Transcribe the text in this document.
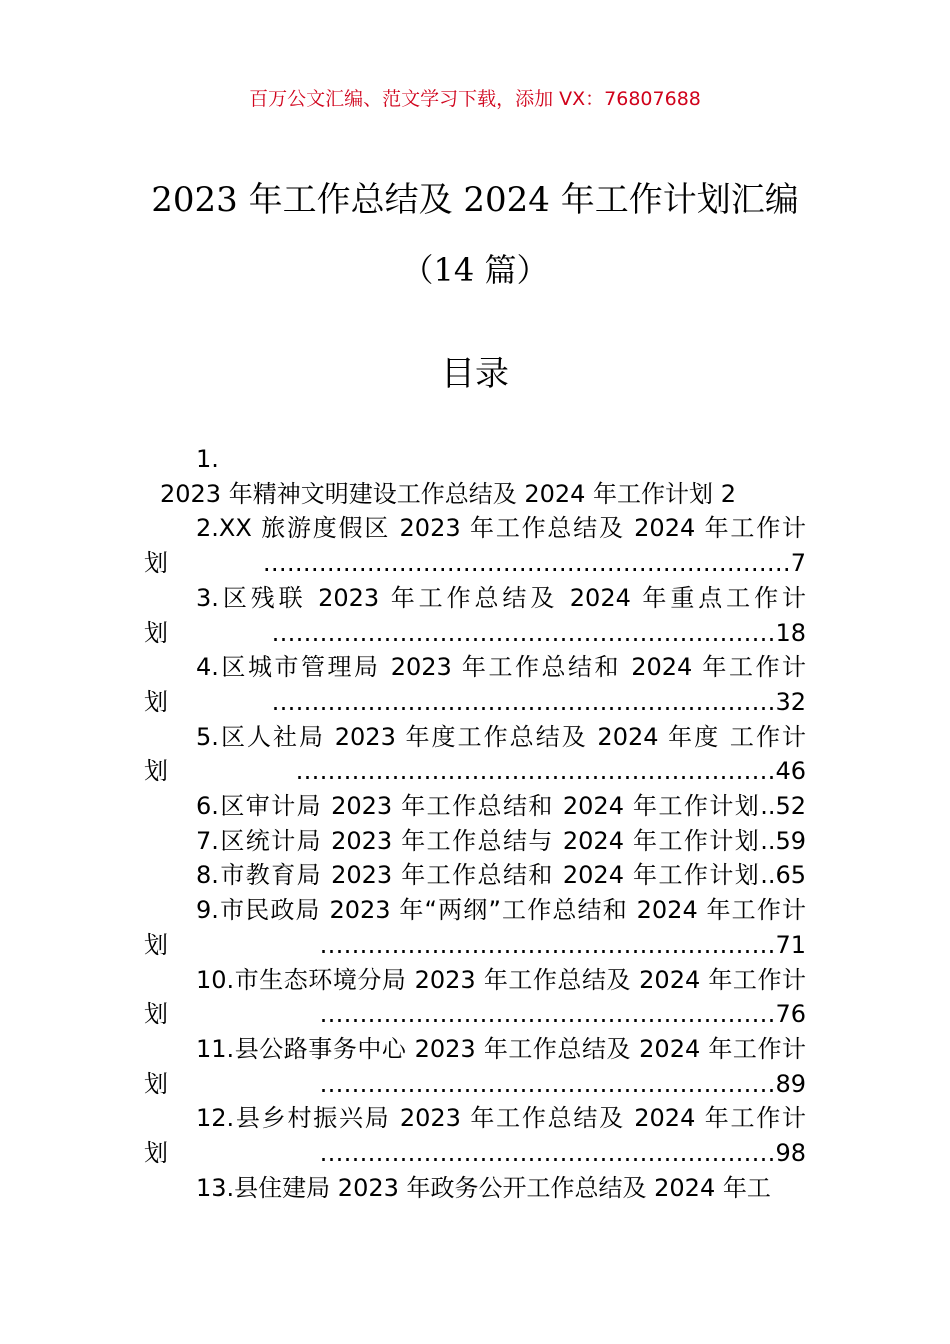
百万公文汇编、范文学习下载，添加 VX：76807688
2023 年工作总结及 2024 年工作计划汇编
（14 篇）
目录
1.
2023 年精神文明建设工作总结及 2024 年工作计划 2
2.XX 旅游度假区 2023 年工作总结及 2024 年工作计划…………………………………………………………7
3.区残联 2023 年工作总结及 2024 年重点工作计划………………………………………………………18
4.区城市管理局 2023 年工作总结和 2024 年工作计划………………………………………………………32
5.区人社局 2023 年度工作总结及 2024 年度 工作计划……………………………………………………46
6.区审计局 2023 年工作总结和 2024 年工作计划..52
7.区统计局 2023 年工作总结与 2024 年工作计划..59
8.市教育局 2023 年工作总结和 2024 年工作计划..65
9.市民政局 2023 年“两纲”工作总结和 2024 年工作计划…………………………………………………71
10.市生态环境分局 2023 年工作总结及 2024 年工作计划…………………………………………………76
11.县公路事务中心 2023 年工作总结及 2024 年工作计划…………………………………………………89
12.县乡村振兴局 2023 年工作总结及 2024 年工作计划…………………………………………………98
13.县住建局 2023 年政务公开工作总结及 2024 年工
